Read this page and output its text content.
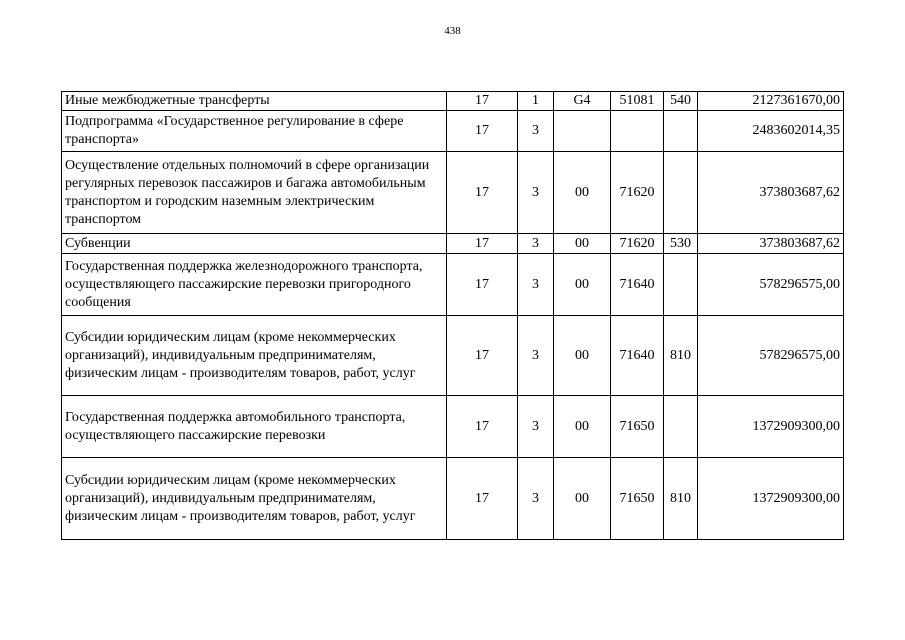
438
Иные межбюджетные трансферты	17	1	G4	51081	540	2127361670,00
Подпрограмма «Государственное регулирование в сфере транспорта»	17	3				2483602014,35
Осуществление отдельных полномочий в сфере организации регулярных перевозок пассажиров и багажа автомобильным транспортом и городским наземным электрическим транспортом	17	3	00	71620		373803687,62
Субвенции	17	3	00	71620	530	373803687,62
Государственная поддержка железнодорожного транспорта, осуществляющего пассажирские перевозки пригородного сообщения	17	3	00	71640		578296575,00
Субсидии юридическим лицам (кроме некоммерческих организаций), индивидуальным предпринимателям, физическим лицам - производителям товаров, работ, услуг	17	3	00	71640	810	578296575,00
Государственная поддержка автомобильного транспорта, осуществляющего пассажирские перевозки	17	3	00	71650		1372909300,00
Субсидии юридическим лицам (кроме некоммерческих организаций), индивидуальным предпринимателям, физическим лицам - производителям товаров, работ, услуг	17	3	00	71650	810	1372909300,00
